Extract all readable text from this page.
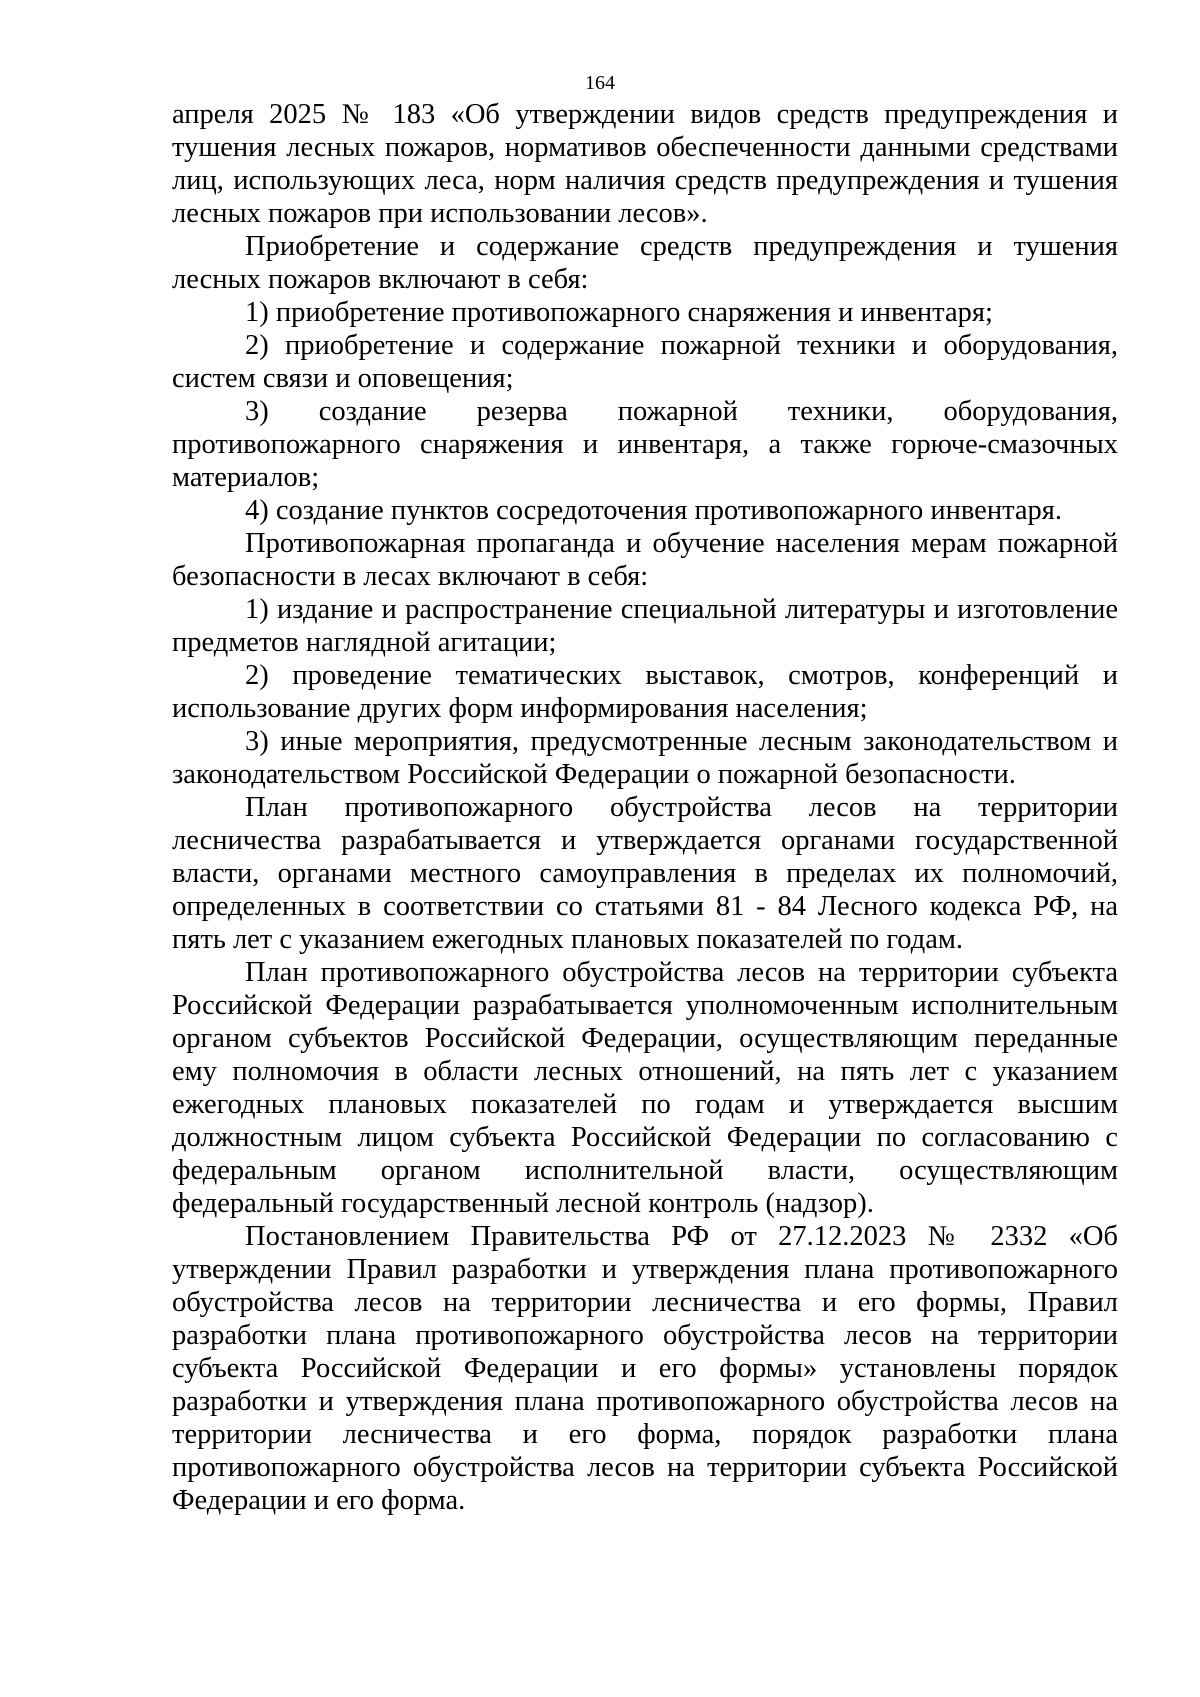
164

апреля 2025 № 183 «Об утверждении видов средств предупреждения и тушения лесных пожаров, нормативов обеспеченности данными средствами лиц, использующих леса, норм наличия средств предупреждения и тушения лесных пожаров при использовании лесов».

Приобретение и содержание средств предупреждения и тушения лесных пожаров включают в себя:

1) приобретение противопожарного снаряжения и инвентаря;

2) приобретение и содержание пожарной техники и оборудования, систем связи и оповещения;

3) создание резерва пожарной техники, оборудования, противопожарного снаряжения и инвентаря, а также горюче-смазочных материалов;

4) создание пунктов сосредоточения противопожарного инвентаря.

Противопожарная пропаганда и обучение населения мерам пожарной безопасности в лесах включают в себя:

1) издание и распространение специальной литературы и изготовление предметов наглядной агитации;

2) проведение тематических выставок, смотров, конференций и использование других форм информирования населения;

3) иные мероприятия, предусмотренные лесным законодательством и законодательством Российской Федерации о пожарной безопасности.

План противопожарного обустройства лесов на территории лесничества разрабатывается и утверждается органами государственной власти, органами местного самоуправления в пределах их полномочий, определенных в соответствии со статьями 81 - 84 Лесного кодекса РФ, на пять лет с указанием ежегодных плановых показателей по годам.

План противопожарного обустройства лесов на территории субъекта Российской Федерации разрабатывается уполномоченным исполнительным органом субъектов Российской Федерации, осуществляющим переданные ему полномочия в области лесных отношений, на пять лет с указанием ежегодных плановых показателей по годам и утверждается высшим должностным лицом субъекта Российской Федерации по согласованию с федеральным органом исполнительной власти, осуществляющим федеральный государственный лесной контроль (надзор).

Постановлением Правительства РФ от 27.12.2023 № 2332 «Об утверждении Правил разработки и утверждения плана противопожарного обустройства лесов на территории лесничества и его формы, Правил разработки плана противопожарного обустройства лесов на территории субъекта Российской Федерации и его формы» установлены порядок разработки и утверждения плана противопожарного обустройства лесов на территории лесничества и его форма, порядок разработки плана противопожарного обустройства лесов на территории субъекта Российской Федерации и его форма.
